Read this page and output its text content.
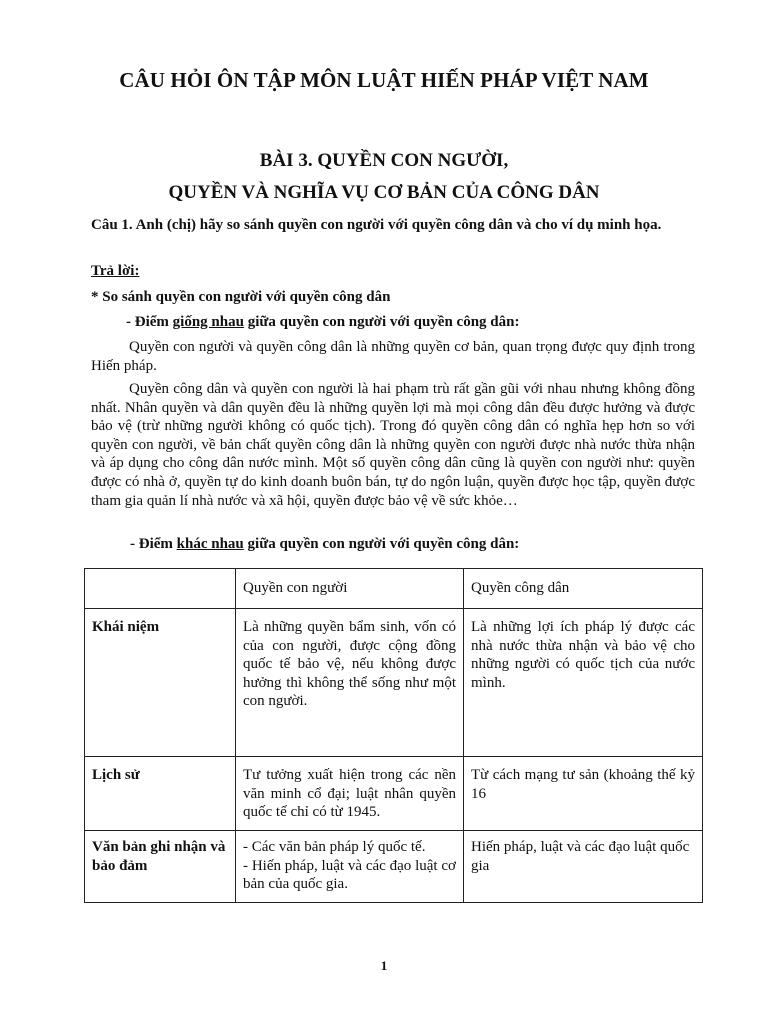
CÂU HỎI ÔN TẬP MÔN LUẬT HIẾN PHÁP VIỆT NAM
BÀI 3. QUYỀN CON NGƯỜI,
QUYỀN VÀ NGHĨA VỤ CƠ BẢN CỦA CÔNG DÂN

Câu 1. Anh (chị) hãy so sánh quyền con người với quyền công dân và cho ví dụ minh họa.

Trả lời:

* So sánh quyền con người với quyền công dân

- Điểm giống nhau giữa quyền con người với quyền công dân:

Quyền con người và quyền công dân là những quyền cơ bản, quan trọng được quy định trong Hiến pháp.

Quyền công dân và quyền con người là hai phạm trù rất gần gũi với nhau nhưng không đồng nhất. Nhân quyền và dân quyền đều là những quyền lợi mà mọi công dân đều được hưởng và được bảo vệ (trừ những người không có quốc tịch). Trong đó quyền công dân có nghĩa hẹp hơn so với quyền con người, về bản chất quyền công dân là những quyền con người được nhà nước thừa nhận và áp dụng cho công dân nước mình. Một số quyền công dân cũng là quyền con người như: quyền được có nhà ở, quyền tự do kinh doanh buôn bán, tự do ngôn luận, quyền được học tập, quyền được tham gia quản lí nhà nước và xã hội, quyền được bảo vệ về sức khỏe…

- Điểm khác nhau giữa quyền con người với quyền công dân:

	Quyền con người	Quyền công dân
Khái niệm	Là những quyền bẩm sinh, vốn có của con người, được cộng đồng quốc tế bảo vệ, nếu không được hưởng thì không thể sống như một con người.	Là những lợi ích pháp lý được các nhà nước thừa nhận và bảo vệ cho những người có quốc tịch của nước mình.
Lịch sử	Tư tưởng xuất hiện trong các nền văn minh cổ đại; luật nhân quyền quốc tế chỉ có từ 1945.	Từ cách mạng tư sản (khoảng thế kỷ 16
Văn bản ghi nhận và bảo đảm	- Các văn bản pháp lý quốc tế.
- Hiến pháp, luật và các đạo luật cơ bản của quốc gia.	Hiến pháp, luật và các đạo luật quốc gia
1
